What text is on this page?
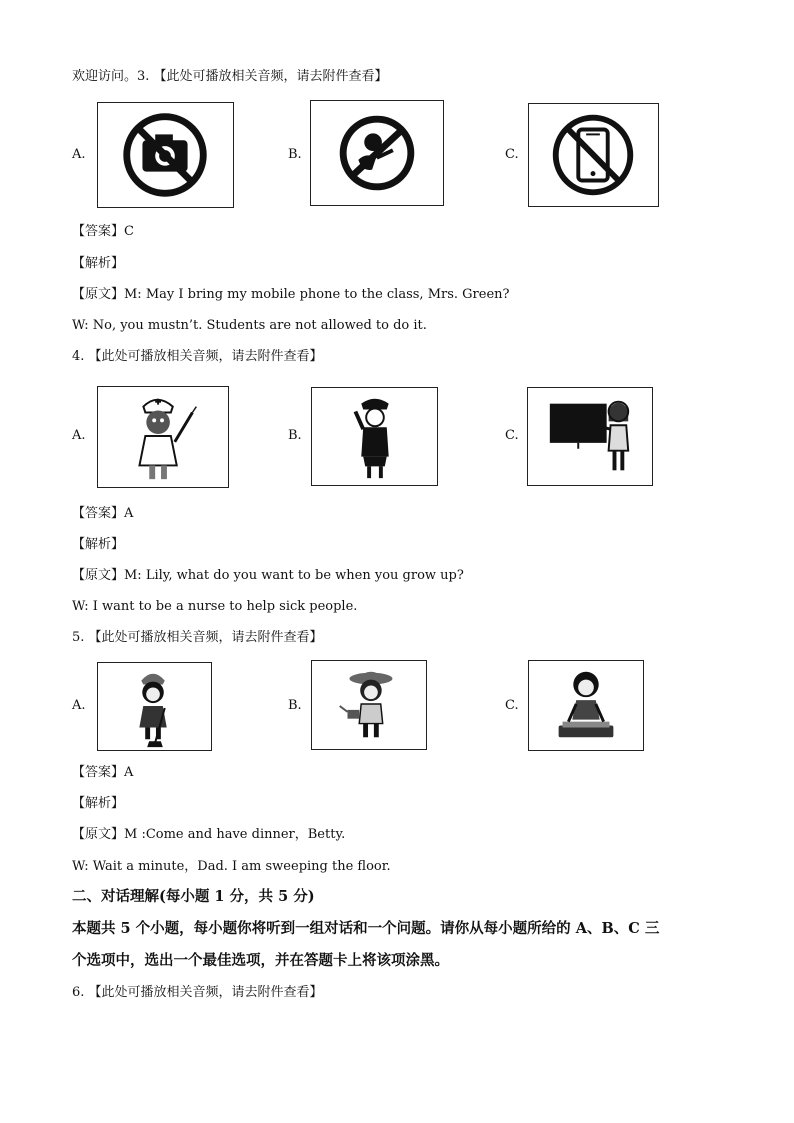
欢迎访问。3. 【此处可播放相关音频，请去附件查看】
A.	B.	C.
【答案】C
【解析】
【原文】M: May I bring my mobile phone to the class, Mrs. Green?
W: No, you mustn’t. Students are not allowed to do it.
4. 【此处可播放相关音频，请去附件查看】
A.	B.	C.
【答案】A
【解析】
【原文】M: Lily, what do you want to be when you grow up?
W: I want to be a nurse to help sick people.
5. 【此处可播放相关音频，请去附件查看】
A.	B.	C.
【答案】A
【解析】
【原文】M :Come and have dinner，Betty.
W: Wait a minute，Dad. I am sweeping the floor.
二、对话理解(每小题 1 分，共 5 分)
本题共 5 个小题，每小题你将听到一组对话和一个问题。请你从每小题所给的 A、B、C 三
个选项中，选出一个最佳选项，并在答题卡上将该项涂黑。
6. 【此处可播放相关音频，请去附件查看】
